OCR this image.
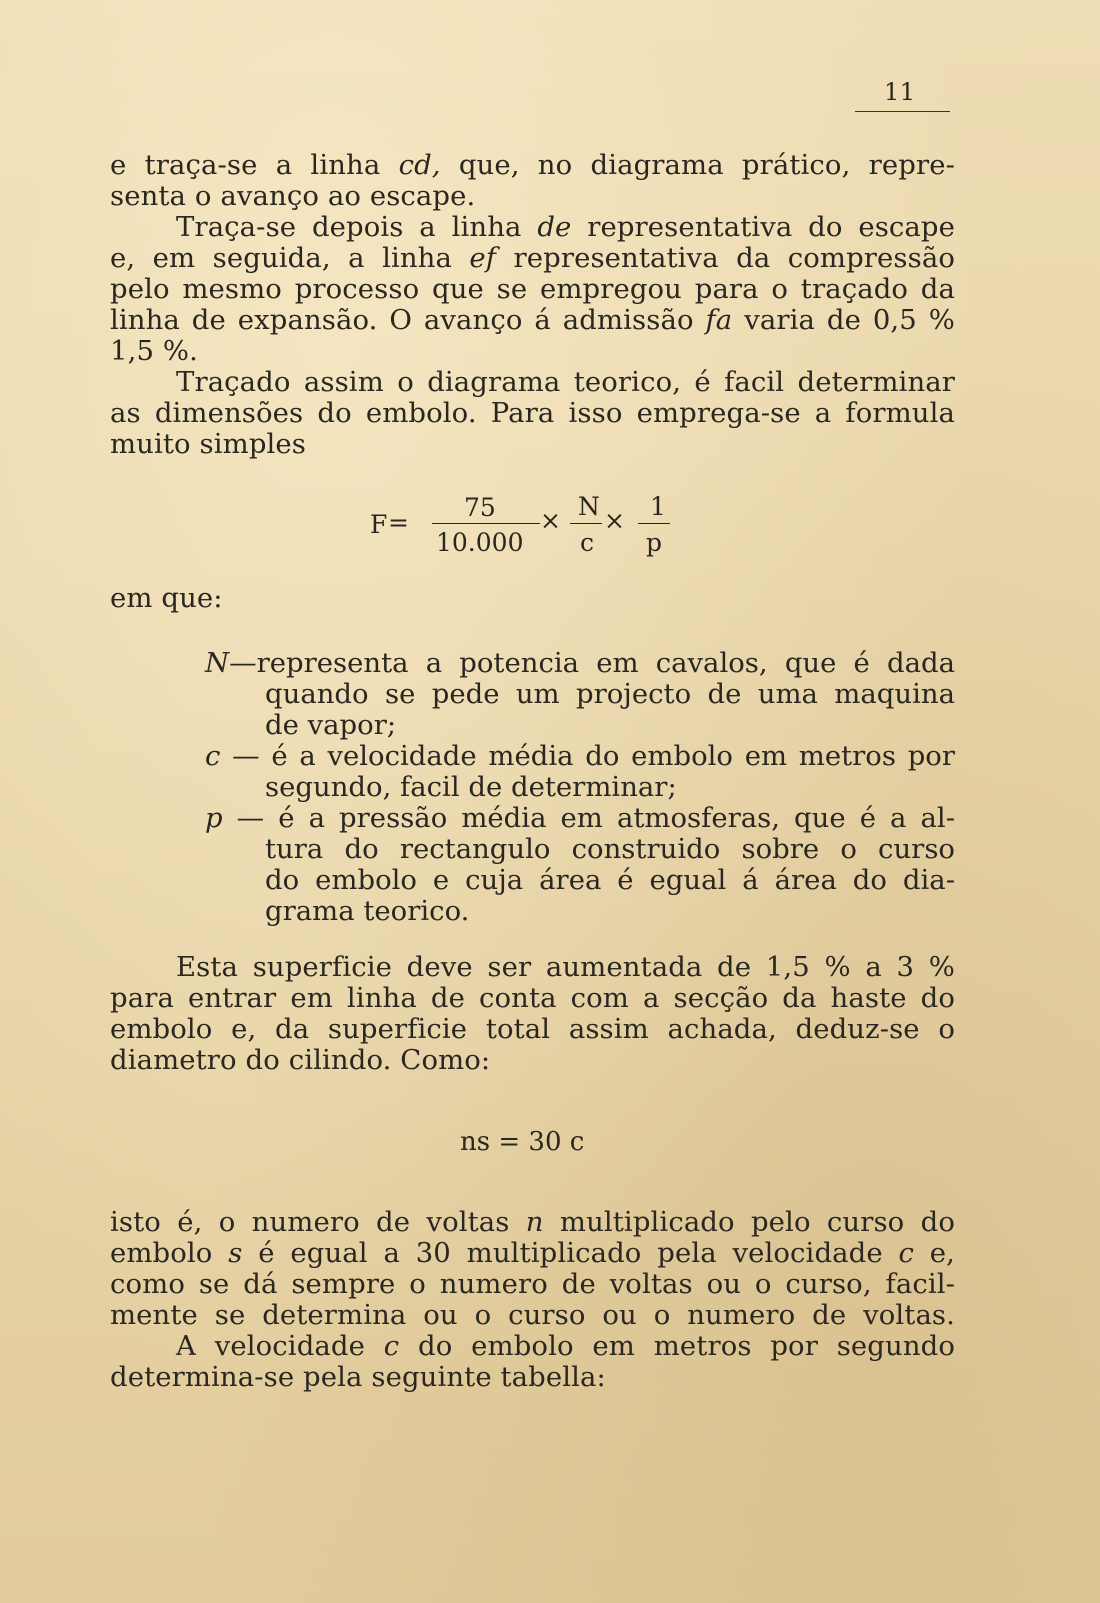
11
e traça-se a linha cd, que, no diagrama prático, repre-
senta o avanço ao escape.
Traça-se depois a linha de representativa do escape
e, em seguida, a linha ef representativa da compressão
pelo mesmo processo que se empregou para o traçado da
linha de expansão. O avanço á admissão fa varia de 0,5 %
1,5 %.
Traçado assim o diagrama teorico, é facil determinar
as dimensões do embolo. Para isso emprega-se a formula
muito simples
F =
75
10.000
× N
c
× 1
p
em que:
N—representa a potencia em cavalos, que é dada
quando se pede um projecto de uma maquina
de vapor;
c — é a velocidade média do embolo em metros por
segundo, facil de determinar;
p — é a pressão média em atmosferas, que é a al-
tura do rectangulo construido sobre o curso
do embolo e cuja área é egual á área do dia-
grama teorico.
Esta superficie deve ser aumentada de 1,5 % a 3 %
para entrar em linha de conta com a secção da haste do
embolo e, da superficie total assim achada, deduz-se o
diametro do cilindo. Como:
ns = 30 c
isto é, o numero de voltas n multiplicado pelo curso do
embolo s é egual a 30 multiplicado pela velocidade c e,
como se dá sempre o numero de voltas ou o curso, facil-
mente se determina ou o curso ou o numero de voltas.
A velocidade c do embolo em metros por segundo
determina-se pela seguinte tabella:
